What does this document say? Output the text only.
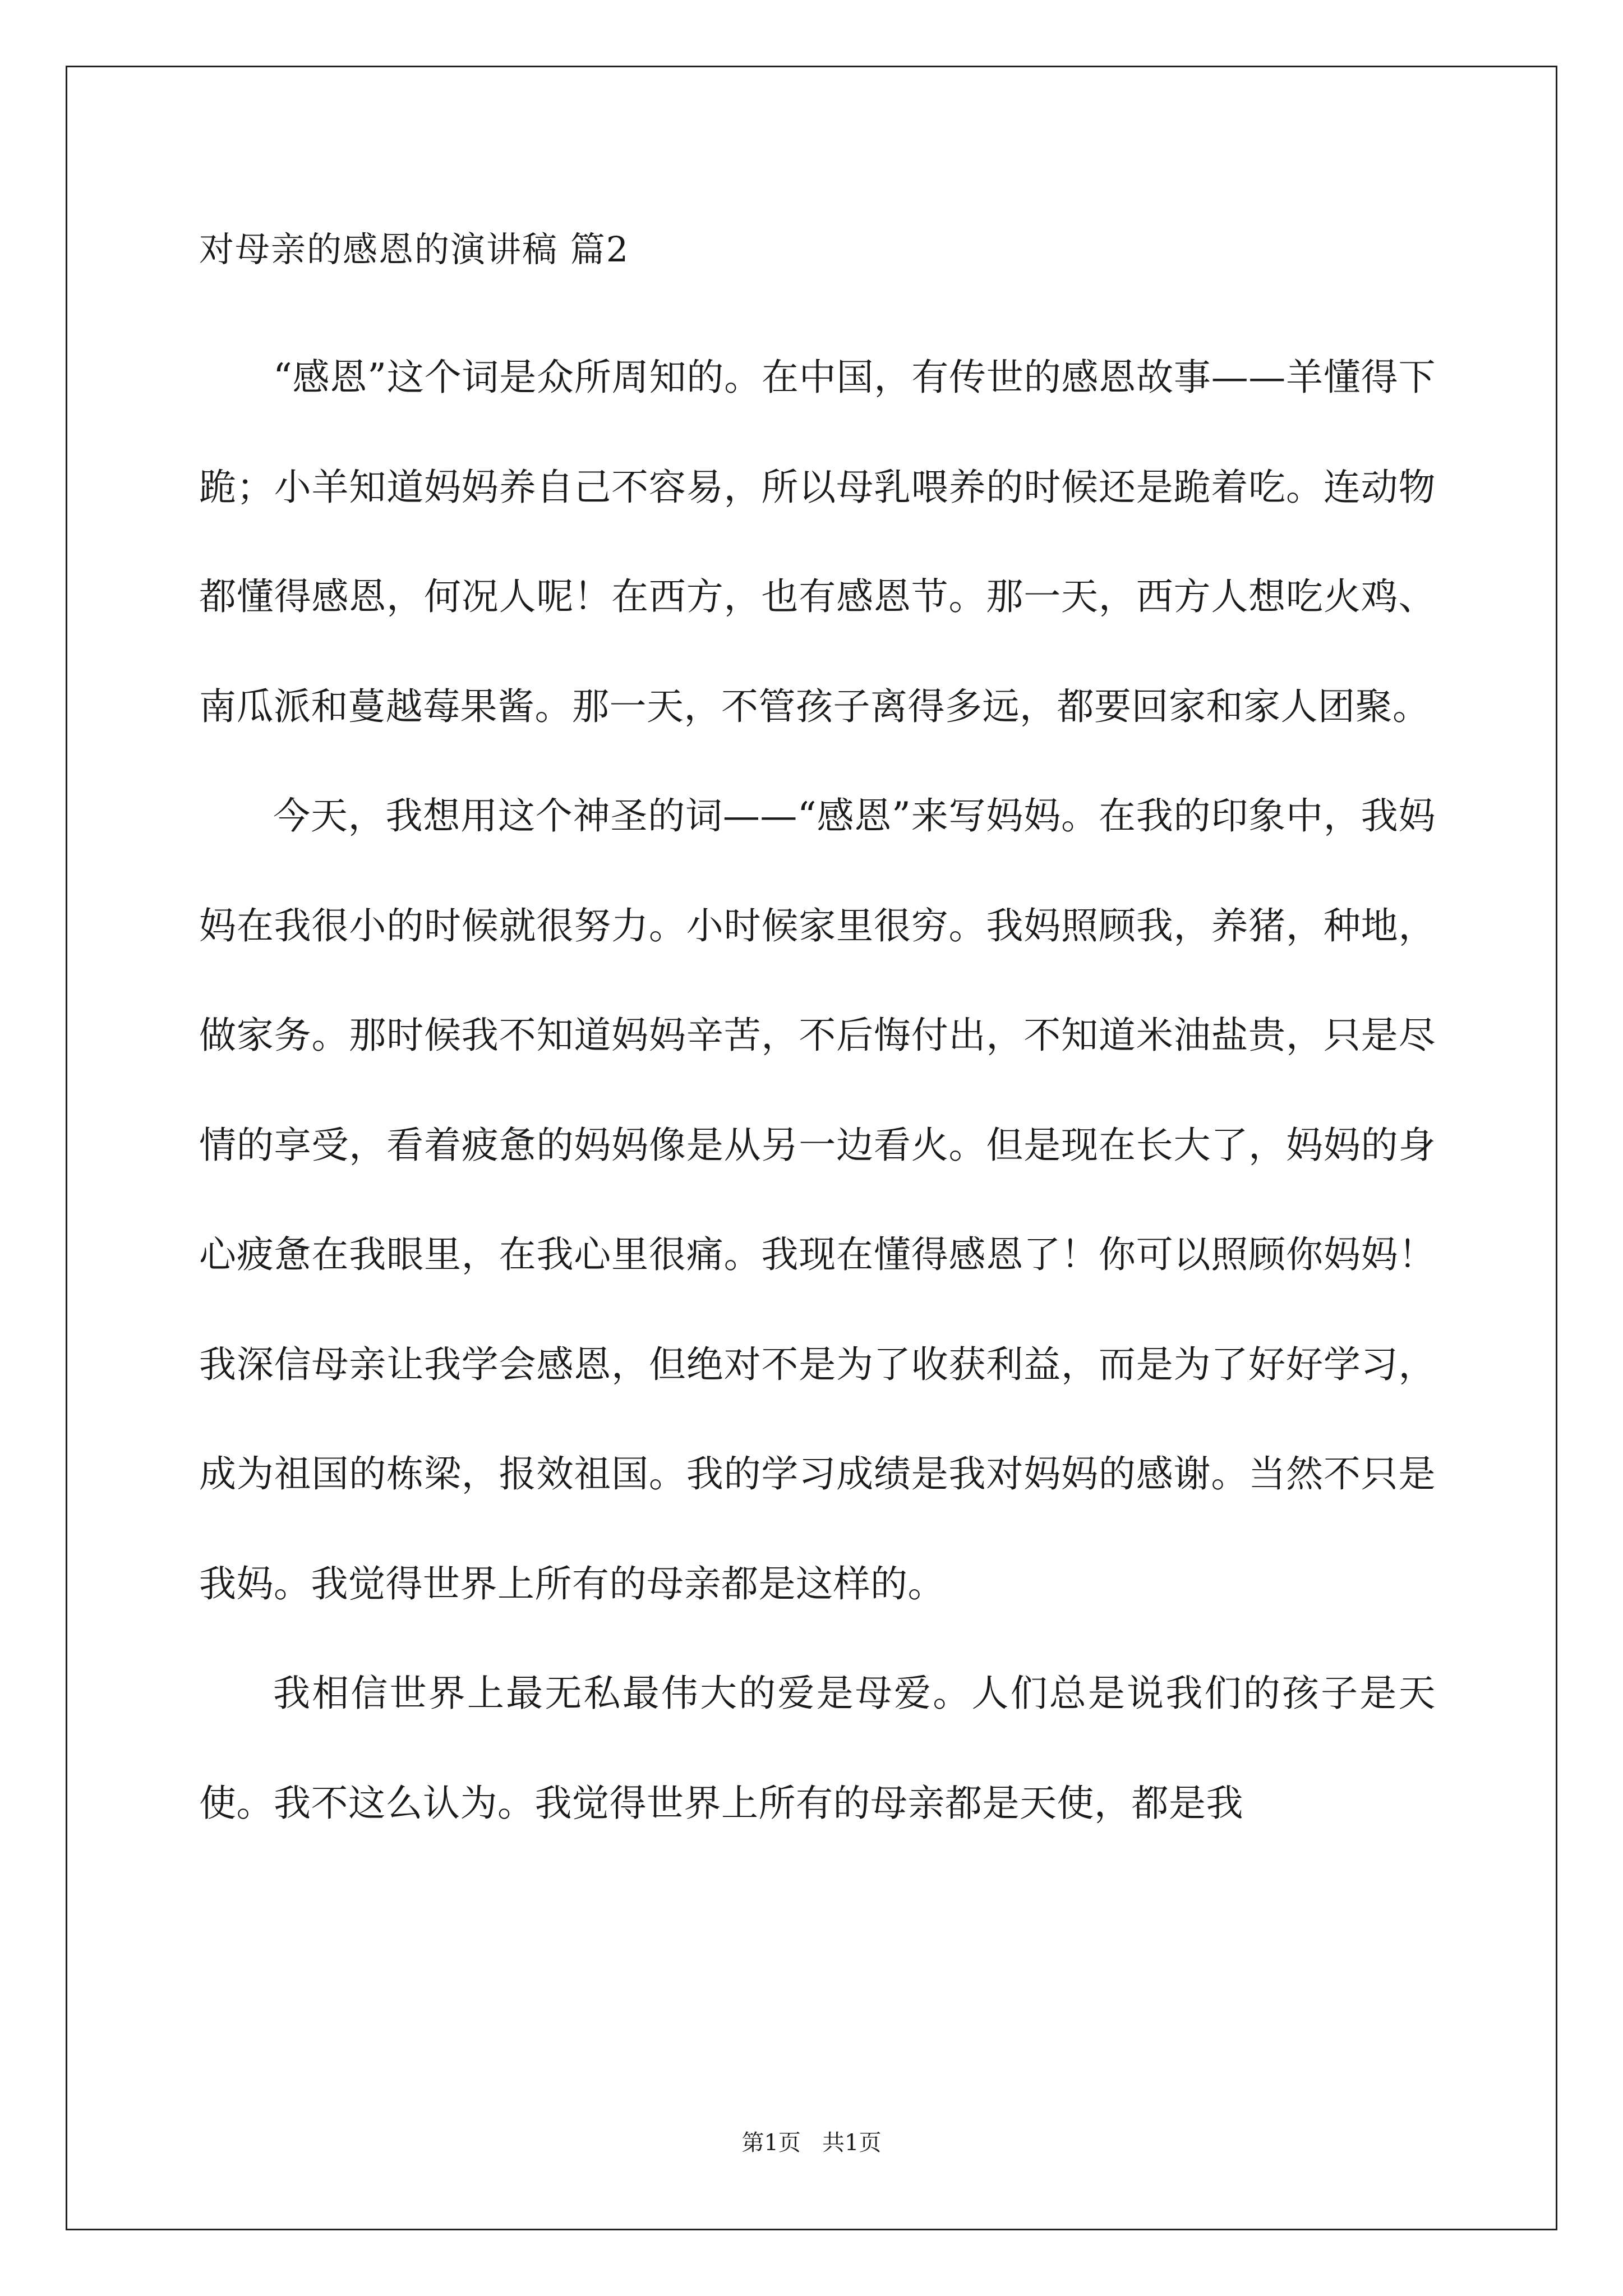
对母亲的感恩的演讲稿 篇2

“感恩”这个词是众所周知的。在中国，有传世的感恩故事——羊懂得下跪；小羊知道妈妈养自己不容易，所以母乳喂养的时候还是跪着吃。连动物都懂得感恩，何况人呢！在西方，也有感恩节。那一天，西方人想吃火鸡、南瓜派和蔓越莓果酱。那一天，不管孩子离得多远，都要回家和家人团聚。

今天，我想用这个神圣的词——“感恩”来写妈妈。在我的印象中，我妈妈在我很小的时候就很努力。小时候家里很穷。我妈照顾我，养猪，种地，做家务。那时候我不知道妈妈辛苦，不后悔付出，不知道米油盐贵，只是尽情的享受，看着疲惫的妈妈像是从另一边看火。但是现在长大了，妈妈的身心疲惫在我眼里，在我心里很痛。我现在懂得感恩了！你可以照顾你妈妈！我深信母亲让我学会感恩，但绝对不是为了收获利益，而是为了好好学习，成为祖国的栋梁，报效祖国。我的学习成绩是我对妈妈的感谢。当然不只是我妈。我觉得世界上所有的母亲都是这样的。

我相信世界上最无私最伟大的爱是母爱。人们总是说我们的孩子是天使。我不这么认为。我觉得世界上所有的母亲都是天使，都是我

第1页   共1页
